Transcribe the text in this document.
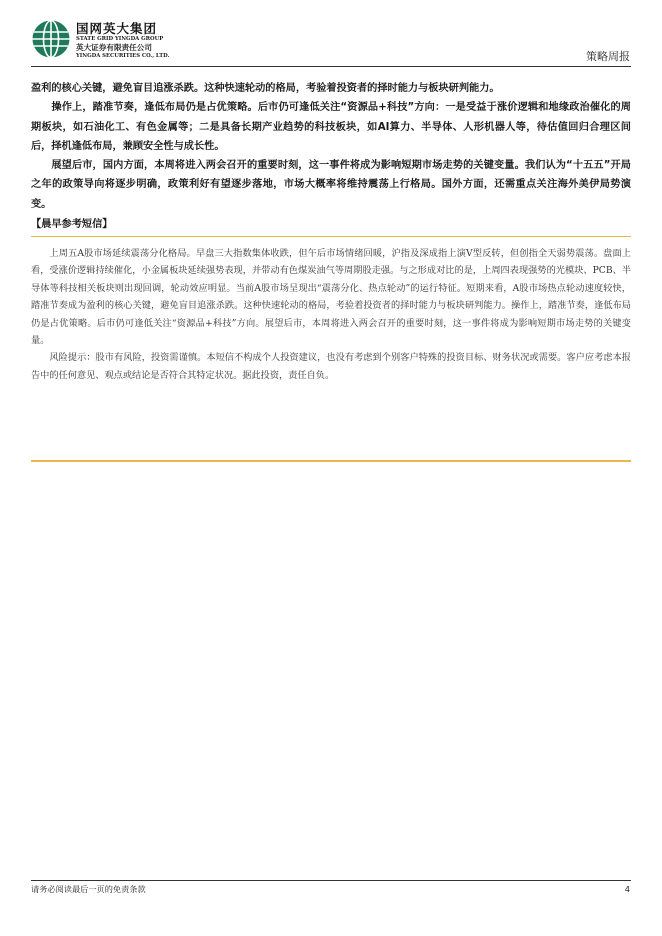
国网英大集团
STATE GRID YINGDA GROUP
英大证券有限责任公司
YINGDA SECURITIES CO., LTD.	策略周报

盈利的核心关键，避免盲目追涨杀跌。这种快速轮动的格局，考验着投资者的择时能力与板块研判能力。

操作上，踏准节奏，逢低布局仍是占优策略。后市仍可逢低关注“资源品+科技”方向：一是受益于涨价逻辑和地缘政治催化的周期板块，如石油化工、有色金属等；二是具备长期产业趋势的科技板块，如AI算力、半导体、人形机器人等，待估值回归合理区间后，择机逢低布局，兼顾安全性与成长性。

展望后市，国内方面，本周将进入两会召开的重要时刻，这一事件将成为影响短期市场走势的关键变量。我们认为“十五五”开局之年的政策导向将逐步明确，政策利好有望逐步落地，市场大概率将维持震荡上行格局。国外方面，还需重点关注海外美伊局势演变。

【晨早参考短信】

上周五A股市场延续震荡分化格局。早盘三大指数集体收跌，但午后市场情绪回暖，沪指及深成指上演V型反转，但创指全天弱势震荡。盘面上看，受涨价逻辑持续催化，小金属板块延续强势表现，并带动有色煤炭油气等周期股走强。与之形成对比的是，上周四表现强势的光模块、PCB、半导体等科技相关板块则出现回调，轮动效应明显。当前A股市场呈现出“震荡分化、热点轮动”的运行特征。短期来看，A股市场热点轮动速度较快，踏准节奏成为盈利的核心关键，避免盲目追涨杀跌。这种快速轮动的格局，考验着投资者的择时能力与板块研判能力。操作上，踏准节奏，逢低布局仍是占优策略。后市仍可逢低关注“资源品+科技”方向。展望后市，本周将进入两会召开的重要时刻，这一事件将成为影响短期市场走势的关键变量。

风险提示：股市有风险，投资需谨慎。本短信不构成个人投资建议，也没有考虑到个别客户特殊的投资目标、财务状况或需要。客户应考虑本报告中的任何意见、观点或结论是否符合其特定状况。据此投资，责任自负。

请务必阅读最后一页的免责条款	4
